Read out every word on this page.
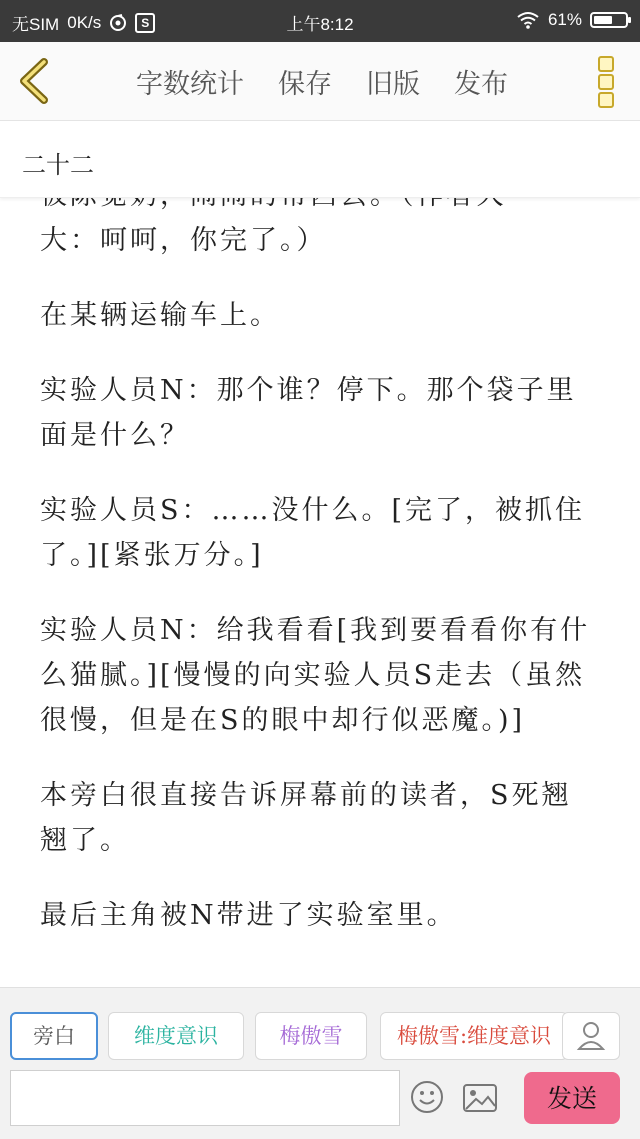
无SIM 0K/s	S	上午8:12	61%
字数统计 保存 旧版 发布
二十二

大：呵呵，你完了。）

在某辆运输车上。

实验人员N：那个谁？停下。那个袋子里面是什么？

实验人员S：……没什么。[完了，被抓住了。][紧张万分。]

实验人员N：给我看看[我到要看看你有什么猫腻。][慢慢的向实验人员S走去（虽然很慢，但是在S的眼中却行似恶魔。)]

本旁白很直接告诉屏幕前的读者，S死翘翘了。

最后主角被N带进了实验室里。

旁白	维度意识	梅傲雪	梅傲雪:维度意识
发送
